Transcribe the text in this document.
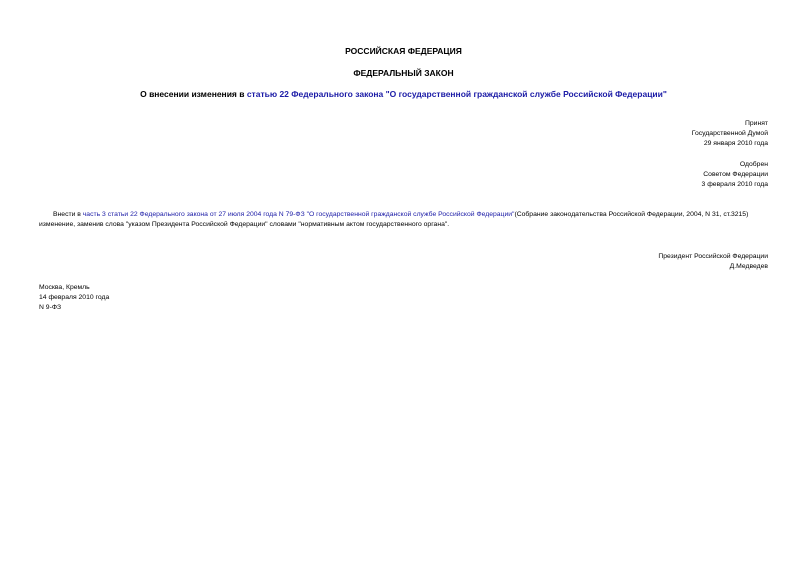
РОССИЙСКАЯ ФЕДЕРАЦИЯ
ФЕДЕРАЛЬНЫЙ ЗАКОН
О внесении изменения в статью 22 Федерального закона "О государственной гражданской службе Российской Федерации"
Принят
Государственной Думой
29 января 2010 года
Одобрен
Советом Федерации
3 февраля 2010 года

Внести в часть 3 статьи 22 Федерального закона от 27 июля 2004 года N 79-ФЗ "О государственной гражданской службе Российской Федерации"(Собрание законодательства Российской Федерации, 2004, N 31, ст.3215) изменение, заменив слова "указом Президента Российской Федерации" словами "нормативным актом государственного органа".

Президент Российской Федерации
Д.Медведев
Москва, Кремль
14 февраля 2010 года
N 9-ФЗ
